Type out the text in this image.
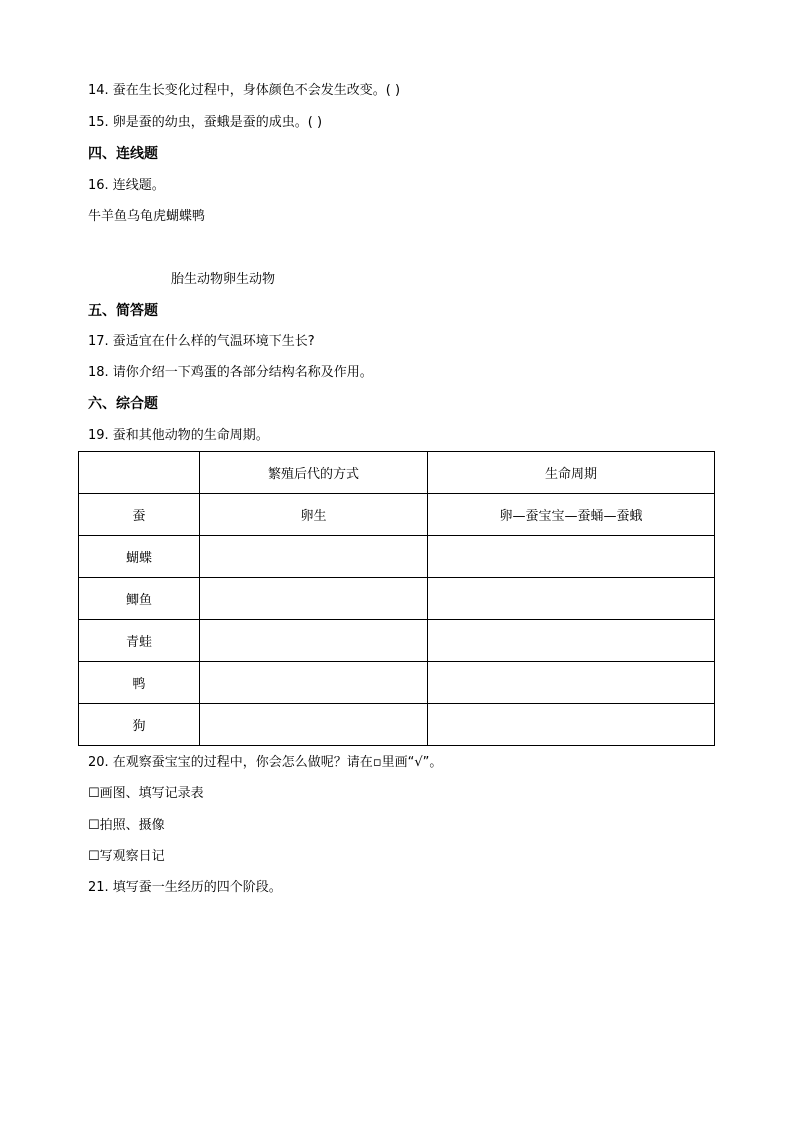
14. 蚕在生长变化过程中，身体颜色不会发生改变。( )
15. 卵是蚕的幼虫，蚕蛾是蚕的成虫。( )
四、连线题
16. 连线题。
牛羊鱼乌龟虎蝴蝶鸭
胎生动物卵生动物
五、简答题
17. 蚕适宜在什么样的气温环境下生长?
18. 请你介绍一下鸡蛋的各部分结构名称及作用。
六、综合题
19. 蚕和其他动物的生命周期。
	繁殖后代的方式	生命周期
蚕	卵生	卵—蚕宝宝—蚕蛹—蚕蛾
蝴蝶		
鲫鱼		
青蛙		
鸭		
狗		
20. 在观察蚕宝宝的过程中，你会怎么做呢？请在▫里画“√”。
☐画图、填写记录表
☐拍照、摄像
☐写观察日记
21. 填写蚕一生经历的四个阶段。
